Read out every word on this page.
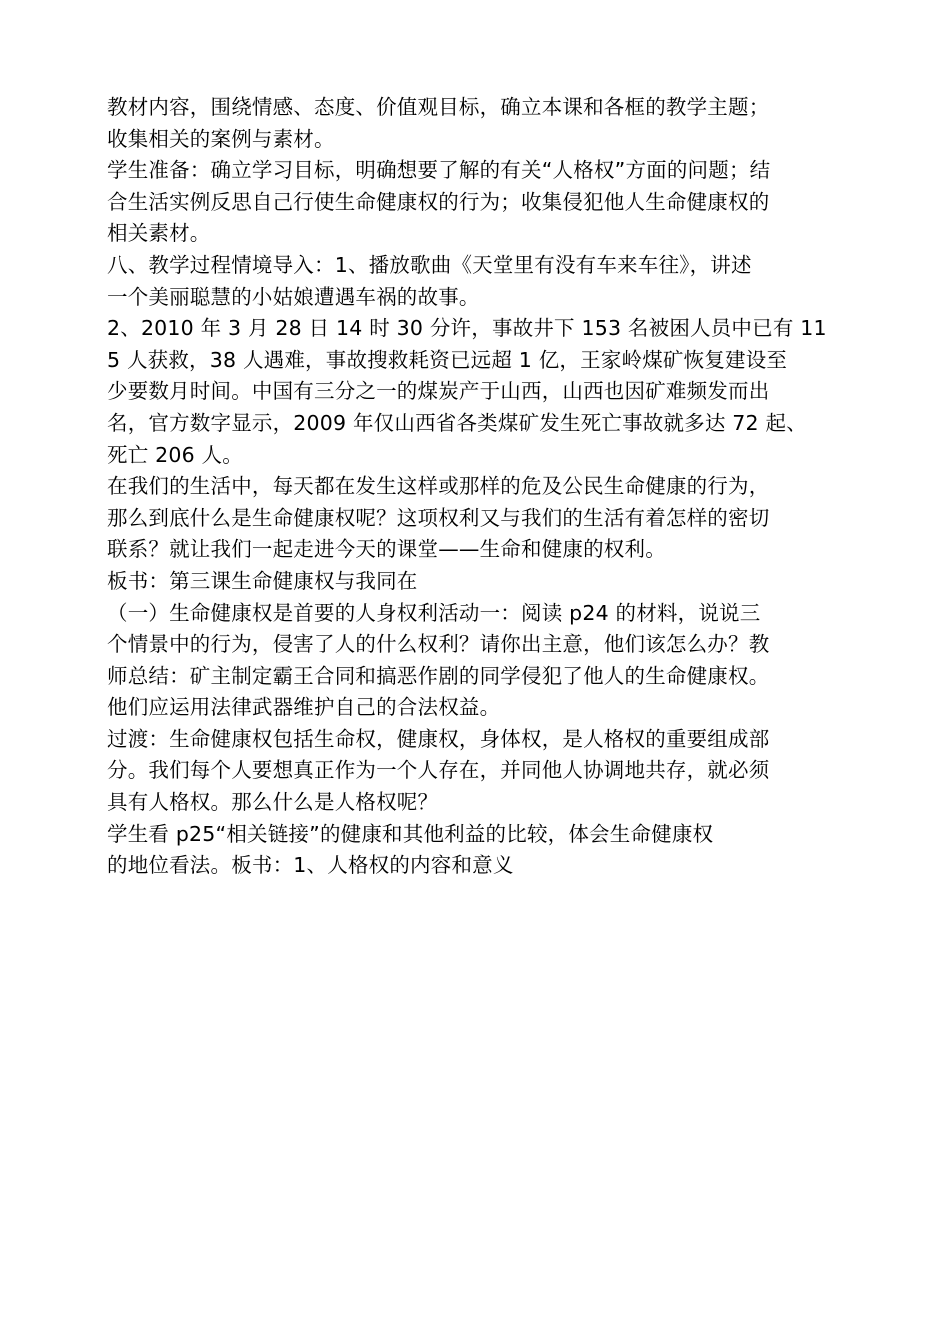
教材内容，围绕情感、态度、价值观目标，确立本课和各框的教学主题；
收集相关的案例与素材。
学生准备：确立学习目标，明确想要了解的有关“人格权”方面的问题；结
合生活实例反思自己行使生命健康权的行为；收集侵犯他人生命健康权的
相关素材。
八、教学过程情境导入：1、播放歌曲《天堂里有没有车来车往》，讲述
一个美丽聪慧的小姑娘遭遇车祸的故事。
2、2010 年 3 月 28 日 14 时 30 分许，事故井下 153 名被困人员中已有 11
5 人获救，38 人遇难，事故搜救耗资已远超 1 亿，王家岭煤矿恢复建设至
少要数月时间。中国有三分之一的煤炭产于山西，山西也因矿难频发而出
名，官方数字显示，2009 年仅山西省各类煤矿发生死亡事故就多达 72 起、
死亡 206 人。
在我们的生活中，每天都在发生这样或那样的危及公民生命健康的行为，
那么到底什么是生命健康权呢？这项权利又与我们的生活有着怎样的密切
联系？就让我们一起走进今天的课堂——生命和健康的权利。
板书：第三课生命健康权与我同在
（一）生命健康权是首要的人身权利活动一：阅读 p24 的材料，说说三
个情景中的行为，侵害了人的什么权利？请你出主意，他们该怎么办？教
师总结：矿主制定霸王合同和搞恶作剧的同学侵犯了他人的生命健康权。
他们应运用法律武器维护自己的合法权益。
过渡：生命健康权包括生命权，健康权，身体权，是人格权的重要组成部
分。我们每个人要想真正作为一个人存在，并同他人协调地共存，就必须
具有人格权。那么什么是人格权呢？
学生看 p25“相关链接”的健康和其他利益的比较，体会生命健康权
的地位看法。板书：1、人格权的内容和意义
